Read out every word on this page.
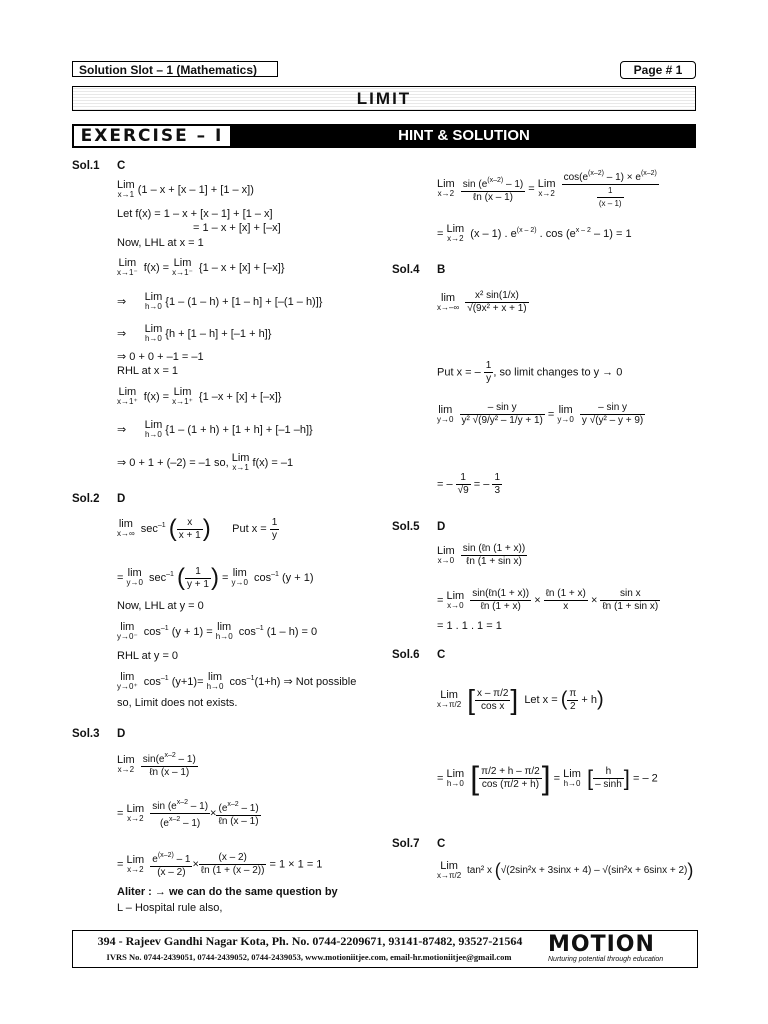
Solution Slot – 1 (Mathematics)	Page # 1
LIMIT
EXERCISE – I	HINT & SOLUTION
Sol.1 C
Lim
x→1 (1 – x + [x – 1] + [1 – x])
Let f(x) = 1 – x + [x – 1] + [1 – x]
= 1 – x + [x] + [–x]
Now, LHL at x = 1
Lim
x→1⁻ f(x) = Lim
x→1⁻ {1 – x + [x] + [–x]}
⇒ Lim
h→0 {1 – (1 – h) + [1 – h] + [–(1 – h)]}
⇒ Lim
h→0 {h + [1 – h] + [–1 + h]}
⇒ 0 + 0 + –1 = –1
RHL at x = 1
Lim
x→1⁺ f(x) = Lim
x→1⁺ {1 –x + [x] + [–x]}
⇒ Lim
h→0 {1 – (1 + h) + [1 + h] + [–1 –h]}
⇒ 0 + 1 + (–2) = –1 so, Lim
x→1 f(x) = –1
Sol.2 D
lim
x→∞ $\sec^{-1}$ ( $\frac{x}{x + 1}$ ) Put $x = \frac{1}{y}$
= lim
y→0 $\sec^{-1}$ ( $\frac{1}{y + 1}$ ) = lim
y→0 $\cos^{-1} (y + 1)$
Now, LHL at y = 0
lim
y→0⁻ $\cos^{-1} (y + 1) = \lim$
h→0 $\cos^{-1} (1 - h) = 0$
RHL at y = 0
lim
y→0⁺ $\cos^{-1} (y+1)= \lim$
h→0 $\cos^{-1}(1+h)$ ⇒ Not possible
so, Limit does not exists.
Sol.3 D
Lim
x→2
$\frac{\sin(e^{x-2} - 1)}{\text{ℓn (x – 1)}}$
= Lim
x→2
$\frac{\sin (e^{x-2} - 1)}{(e^{x-2} - 1)} \times \frac{(e^{x-2} - 1)}{\text{ℓn (x – 1)}}$
= Lim
x→2
$\frac{e^{(x-2)} - 1}{(x - 2)} \times \frac{(x - 2)}{\text{ℓn (1 + (x – 2))}} = 1 \times 1 = 1$
Aliter : → we can do the same question by
L – Hospital rule also,
Lim
x→2
$\frac{\sin (e^{(x-2)} - 1)}{\text{ℓn (x – 1)}}$ = Lim
x→2
$\frac{\cos(e^{(x-2)} - 1) \times e^{(x-2)}}{\frac{1}{(x - 1)}}$
= Lim
x→2 (x – 1) . $e^{(x - 2)}$ . $\cos (e^{x - 2} - 1) = 1$
Sol.4 B
lim
x→–∞
$\frac{\text{x² sin(1/x)}}{\text{√(9x² + x + 1)}}$
Put x = – $\frac{1}{y}$ , so limit changes to y → 0
lim
y→0
$\frac{\text{– sin y}}{\text{y² √(9/y² – 1/y + 1)}} = \lim$
y→0
$\frac{\text{– sin y}}{\text{y √(y² – y + 9)}}$
= – $\frac{1}{√9}$ = – $\frac{1}{3}$
Sol.5 D
Lim
x→0
$\frac{\text{sin (ℓn (1 + x))}}{\text{ℓn (1 + sin x)}}$
= Lim
x→0
$\frac{\text{sin(ℓn(1 + x))}}{\text{ℓn (1 + x)}} \times \frac{\text{ℓn (1 + x)}}{x} \times \frac{\text{sin x}}{\text{ℓn (1 + sin x)}}$
= 1 . 1 . 1 = 1
Sol.6 C
Lim
x→π/2 [ $\frac{x - \pi/2}{\text{cos x}}$ ] Let x = ( $\frac{\pi}{2} + h$)
= Lim
h→0 [ $\frac{\pi/2 + h - \pi/2}{\cos (\pi/2 + h)}$ ] = Lim
h→0 [ $\frac{h}{- \sinh}$ ] = – 2
Sol.7 C
Lim
x→π/2 tan² x (√(2sin²x + 3sinx + 4) – √(sin²x + 6sinx + 2))
394 - Rajeev Gandhi Nagar Kota, Ph. No. 0744-2209671, 93141-87482, 93527-21564
IVRS No. 0744-2439051, 0744-2439052, 0744-2439053, www.motioniitjee.com, email-hr.motioniitjee@gmail.com	MOTION
Nurturing potential through education
